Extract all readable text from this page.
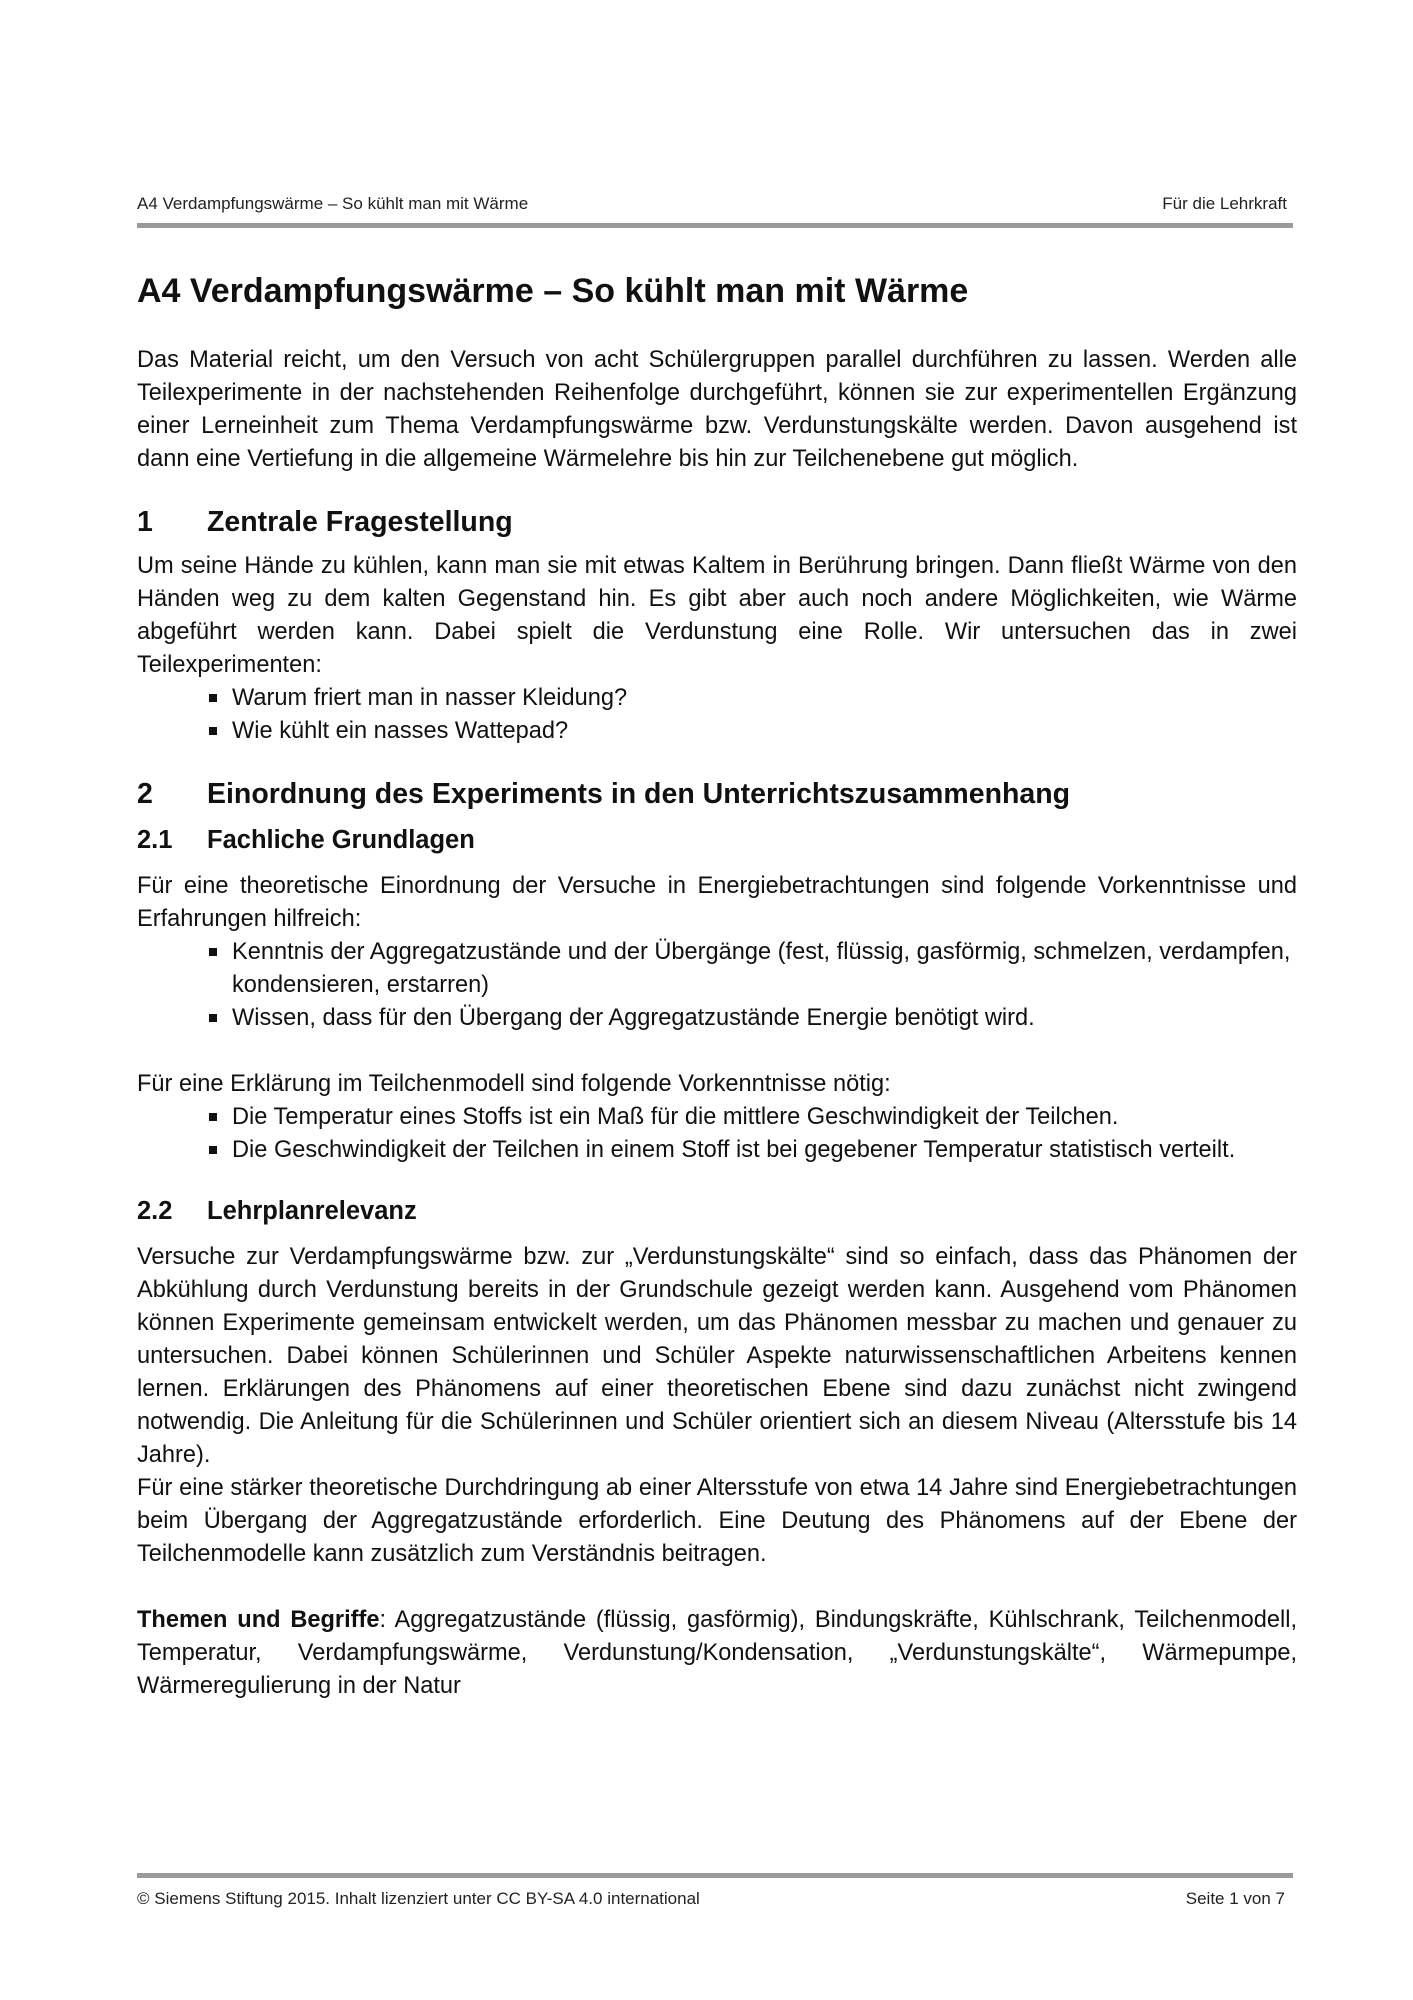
A4 Verdampfungswärme – So kühlt man mit Wärme	Für die Lehrkraft
A4 Verdampfungswärme – So kühlt man mit Wärme

Das Material reicht, um den Versuch von acht Schülergruppen parallel durchführen zu lassen. Werden alle Teilexperimente in der nachstehenden Reihenfolge durchgeführt, können sie zur experimentellen Ergänzung einer Lerneinheit zum Thema Verdampfungswärme bzw. Verdunstungskälte werden. Davon ausgehend ist dann eine Vertiefung in die allgemeine Wärmelehre bis hin zur Teilchenebene gut möglich.

1	Zentrale Fragestellung

Um seine Hände zu kühlen, kann man sie mit etwas Kaltem in Berührung bringen. Dann fließt Wärme von den Händen weg zu dem kalten Gegenstand hin. Es gibt aber auch noch andere Möglichkeiten, wie Wärme abgeführt werden kann. Dabei spielt die Verdunstung eine Rolle. Wir untersuchen das in zwei Teilexperimenten:

Warum friert man in nasser Kleidung?
Wie kühlt ein nasses Wattepad?
2	Einordnung des Experiments in den Unterrichtszusammenhang
2.1	Fachliche Grundlagen

Für eine theoretische Einordnung der Versuche in Energiebetrachtungen sind folgende Vorkenntnisse und Erfahrungen hilfreich:

Kenntnis der Aggregatzustände und der Übergänge (fest, flüssig, gasförmig, schmelzen, verdampfen, kondensieren, erstarren)
Wissen, dass für den Übergang der Aggregatzustände Energie benötigt wird.

Für eine Erklärung im Teilchenmodell sind folgende Vorkenntnisse nötig:

Die Temperatur eines Stoffs ist ein Maß für die mittlere Geschwindigkeit der Teilchen.
Die Geschwindigkeit der Teilchen in einem Stoff ist bei gegebener Temperatur statistisch verteilt.
2.2	Lehrplanrelevanz

Versuche zur Verdampfungswärme bzw. zur „Verdunstungskälte“ sind so einfach, dass das Phänomen der Abkühlung durch Verdunstung bereits in der Grundschule gezeigt werden kann. Ausgehend vom Phänomen können Experimente gemeinsam entwickelt werden, um das Phänomen messbar zu machen und genauer zu untersuchen. Dabei können Schülerinnen und Schüler Aspekte naturwissenschaftlichen Arbeitens kennen lernen. Erklärungen des Phänomens auf einer theoretischen Ebene sind dazu zunächst nicht zwingend notwendig. Die Anleitung für die Schülerinnen und Schüler orientiert sich an diesem Niveau (Altersstufe bis 14 Jahre).

Für eine stärker theoretische Durchdringung ab einer Altersstufe von etwa 14 Jahre sind Energiebetrachtungen beim Übergang der Aggregatzustände erforderlich. Eine Deutung des Phänomens auf der Ebene der Teilchenmodelle kann zusätzlich zum Verständnis beitragen.

Themen und Begriffe: Aggregatzustände (flüssig, gasförmig), Bindungskräfte, Kühlschrank, Teilchenmodell, Temperatur, Verdampfungswärme, Verdunstung/Kondensation, „Verdunstungskälte“, Wärmepumpe, Wärmeregulierung in der Natur

© Siemens Stiftung 2015. Inhalt lizenziert unter CC BY-SA 4.0 international	Seite 1 von 7
